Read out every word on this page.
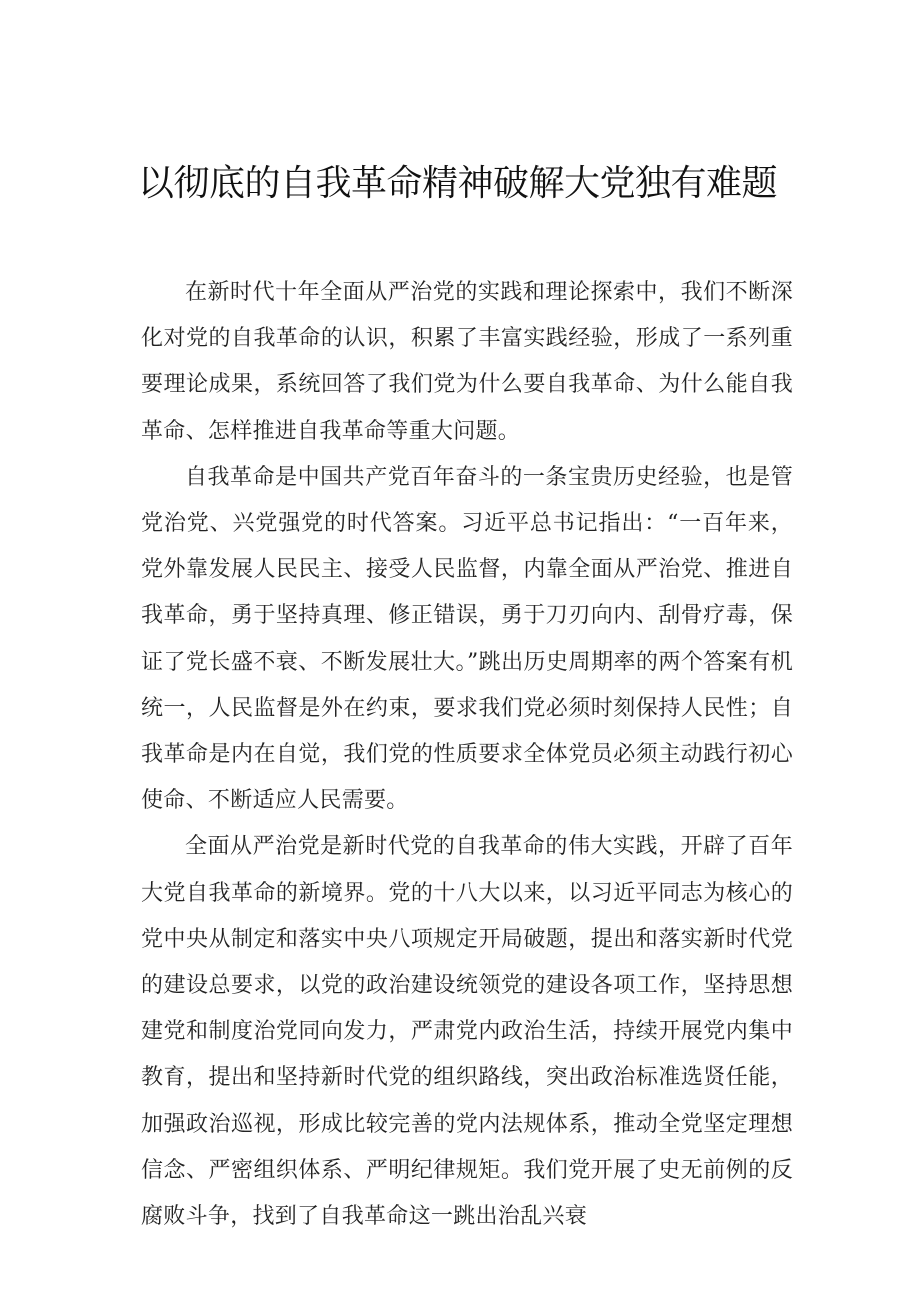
以彻底的自我革命精神破解大党独有难题

在新时代十年全面从严治党的实践和理论探索中，我们不断深化对党的自我革命的认识，积累了丰富实践经验，形成了一系列重要理论成果，系统回答了我们党为什么要自我革命、为什么能自我革命、怎样推进自我革命等重大问题。

自我革命是中国共产党百年奋斗的一条宝贵历史经验，也是管党治党、兴党强党的时代答案。习近平总书记指出：“一百年来，党外靠发展人民民主、接受人民监督，内靠全面从严治党、推进自我革命，勇于坚持真理、修正错误，勇于刀刃向内、刮骨疗毒，保证了党长盛不衰、不断发展壮大。”跳出历史周期率的两个答案有机统一，人民监督是外在约束，要求我们党必须时刻保持人民性；自我革命是内在自觉，我们党的性质要求全体党员必须主动践行初心使命、不断适应人民需要。

全面从严治党是新时代党的自我革命的伟大实践，开辟了百年大党自我革命的新境界。党的十八大以来，以习近平同志为核心的党中央从制定和落实中央八项规定开局破题，提出和落实新时代党的建设总要求，以党的政治建设统领党的建设各项工作，坚持思想建党和制度治党同向发力，严肃党内政治生活，持续开展党内集中教育，提出和坚持新时代党的组织路线，突出政治标准选贤任能，加强政治巡视，形成比较完善的党内法规体系，推动全党坚定理想信念、严密组织体系、严明纪律规矩。我们党开展了史无前例的反腐败斗争，找到了自我革命这一跳出治乱兴衰
